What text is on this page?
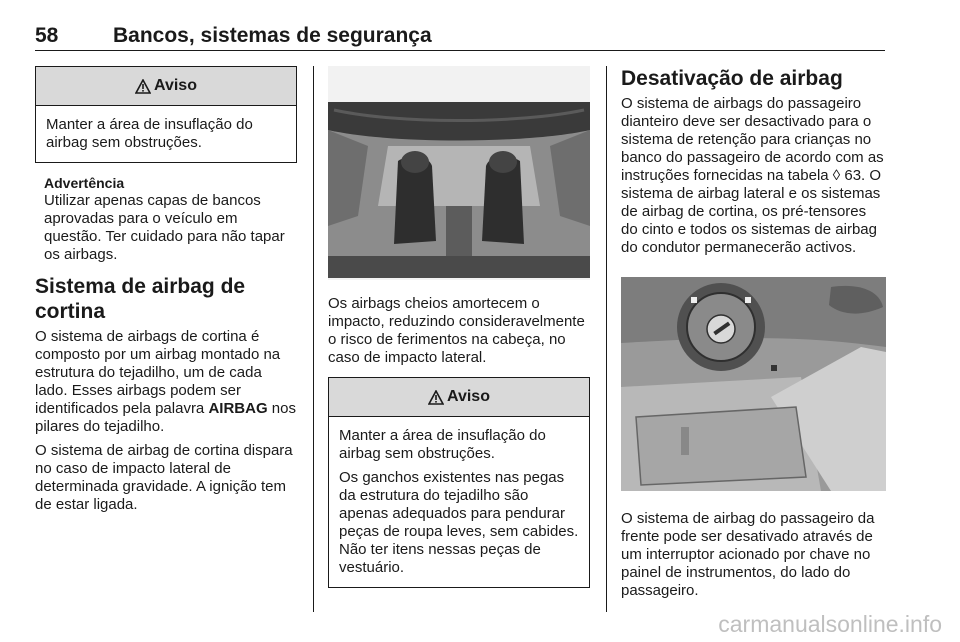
58	Bancos, sistemas de segurança
Aviso

Manter a área de insuflação do airbag sem obstruções.

Advertência

Utilizar apenas capas de bancos aprovadas para o veículo em questão. Ter cuidado para não tapar os airbags.

Sistema de airbag de cortina

O sistema de airbags de cortina é composto por um airbag montado na estrutura do tejadilho, um de cada lado. Esses airbags podem ser identificados pela palavra AIRBAG nos pilares do tejadilho.

O sistema de airbag de cortina dispara no caso de impacto lateral de determinada gravidade. A ignição tem de estar ligada.

Os airbags cheios amortecem o impacto, reduzindo consideravelmente o risco de ferimentos na cabeça, no caso de impacto lateral.

Aviso

Manter a área de insuflação do airbag sem obstruções.

Os ganchos existentes nas pegas da estrutura do tejadilho são apenas adequados para pendurar peças de roupa leves, sem cabides. Não ter itens nessas peças de vestuário.

Desativação de airbag

O sistema de airbags do passageiro dianteiro deve ser desactivado para o sistema de retenção para crianças no banco do passageiro de acordo com as instruções fornecidas na tabela ◊ 63. O sistema de airbag lateral e os sistemas de airbag de cortina, os pré-tensores do cinto e todos os sistemas de airbag do condutor permanecerão activos.

O sistema de airbag do passageiro da frente pode ser desativado através de um interruptor acionado por chave no painel de instrumentos, do lado do passageiro.

carmanualsonline.info
